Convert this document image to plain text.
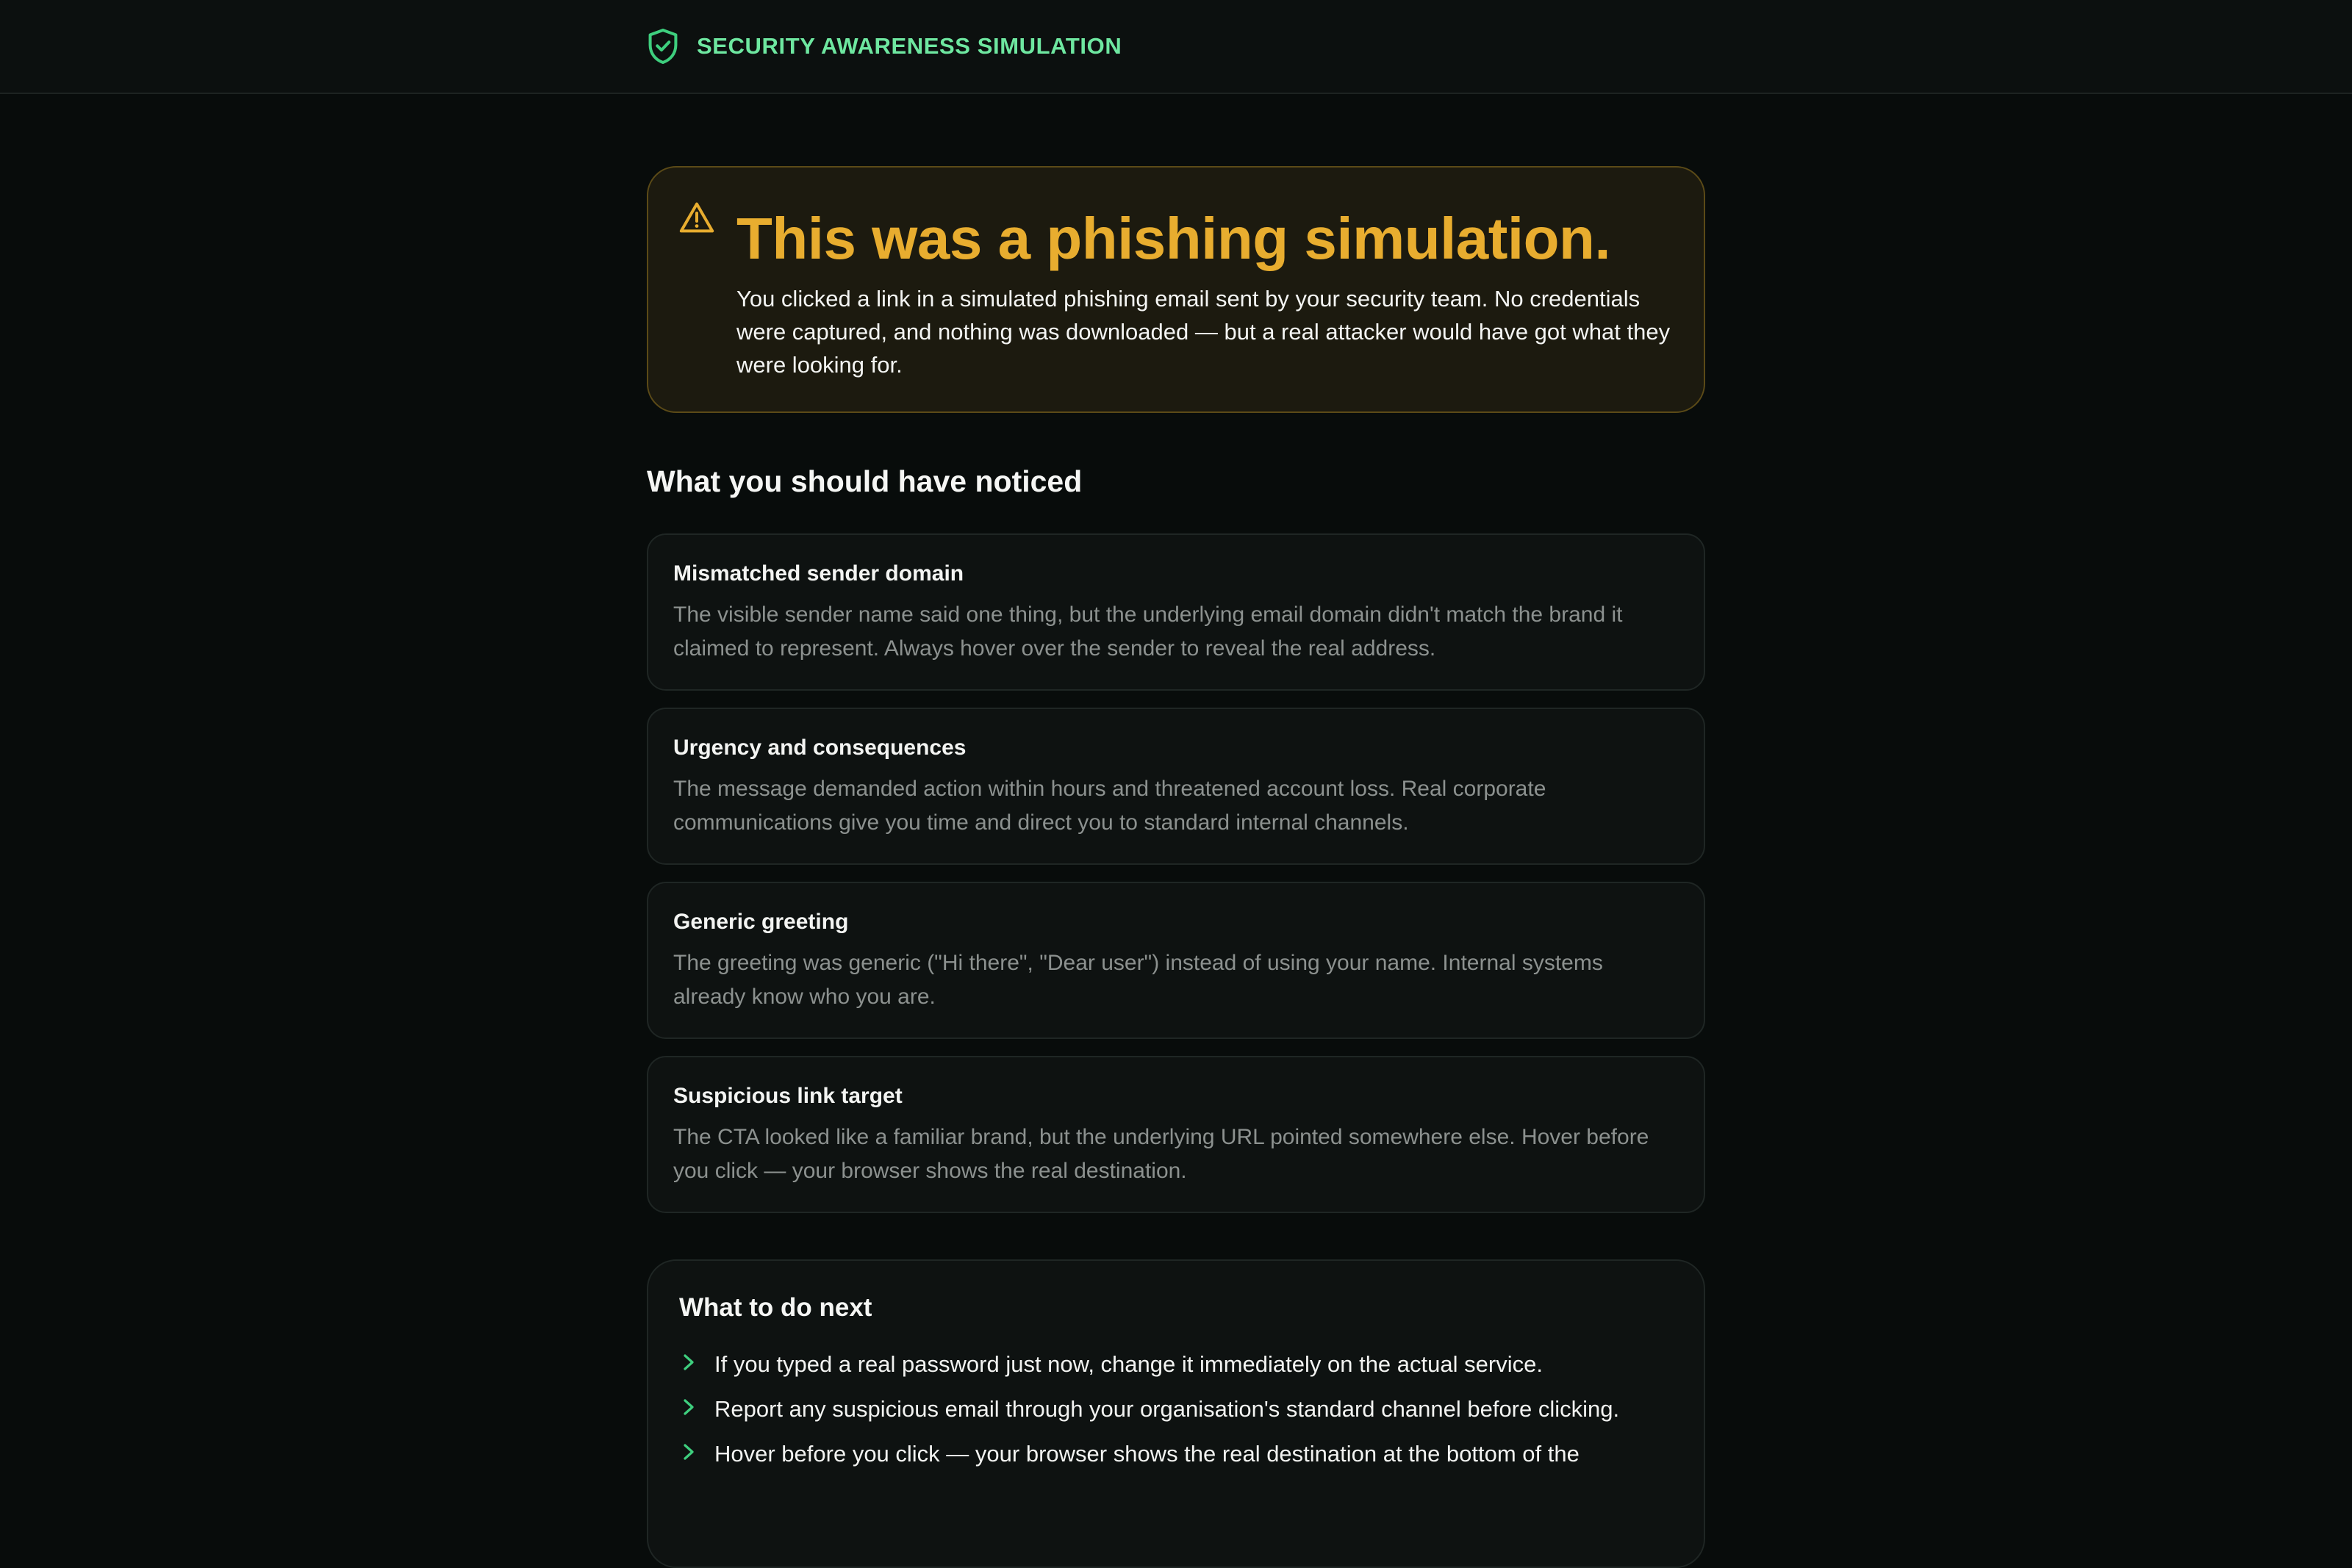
SECURITY AWARENESS SIMULATION
This was a phishing simulation.

You clicked a link in a simulated phishing email sent by your security team. No credentials were captured, and nothing was downloaded — but a real attacker would have got what they were looking for.

What you should have noticed
Mismatched sender domain
The visible sender name said one thing, but the underlying email domain didn't match the brand it claimed to represent. Always hover over the sender to reveal the real address.
Urgency and consequences
The message demanded action within hours and threatened account loss. Real corporate communications give you time and direct you to standard internal channels.
Generic greeting
The greeting was generic ("Hi there", "Dear user") instead of using your name. Internal systems already know who you are.
Suspicious link target
The CTA looked like a familiar brand, but the underlying URL pointed somewhere else. Hover before you click — your browser shows the real destination.
What to do next
If you typed a real password just now, change it immediately on the actual service.
Report any suspicious email through your organisation's standard channel before clicking.
Hover before you click — your browser shows the real destination at the bottom of the
